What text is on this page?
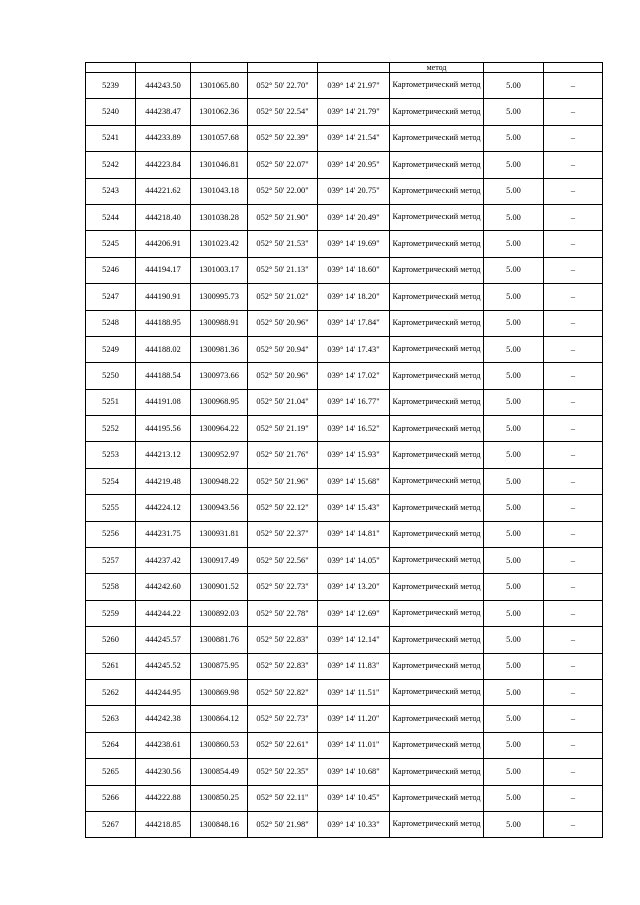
					метод		
5239	444243.50	1301065.80	052° 50' 22.70"	039° 14' 21.97"	Картометрический метод	5.00	–
5240	444238.47	1301062.36	052° 50' 22.54"	039° 14' 21.79"	Картометрический метод	5.00	–
5241	444233.89	1301057.68	052° 50' 22.39"	039° 14' 21.54"	Картометрический метод	5.00	–
5242	444223.84	1301046.81	052° 50' 22.07"	039° 14' 20.95"	Картометрический метод	5.00	–
5243	444221.62	1301043.18	052° 50' 22.00"	039° 14' 20.75"	Картометрический метод	5.00	–
5244	444218.40	1301038.28	052° 50' 21.90"	039° 14' 20.49"	Картометрический метод	5.00	–
5245	444206.91	1301023.42	052° 50' 21.53"	039° 14' 19.69"	Картометрический метод	5.00	–
5246	444194.17	1301003.17	052° 50' 21.13"	039° 14' 18.60"	Картометрический метод	5.00	–
5247	444190.91	1300995.73	052° 50' 21.02"	039° 14' 18.20"	Картометрический метод	5.00	–
5248	444188.95	1300988.91	052° 50' 20.96"	039° 14' 17.84"	Картометрический метод	5.00	–
5249	444188.02	1300981.36	052° 50' 20.94"	039° 14' 17.43"	Картометрический метод	5.00	–
5250	444188.54	1300973.66	052° 50' 20.96"	039° 14' 17.02"	Картометрический метод	5.00	–
5251	444191.08	1300968.95	052° 50' 21.04"	039° 14' 16.77"	Картометрический метод	5.00	–
5252	444195.56	1300964.22	052° 50' 21.19"	039° 14' 16.52"	Картометрический метод	5.00	–
5253	444213.12	1300952.97	052° 50' 21.76"	039° 14' 15.93"	Картометрический метод	5.00	–
5254	444219.48	1300948.22	052° 50' 21.96"	039° 14' 15.68"	Картометрический метод	5.00	–
5255	444224.12	1300943.56	052° 50' 22.12"	039° 14' 15.43"	Картометрический метод	5.00	–
5256	444231.75	1300931.81	052° 50' 22.37"	039° 14' 14.81"	Картометрический метод	5.00	–
5257	444237.42	1300917.49	052° 50' 22.56"	039° 14' 14.05"	Картометрический метод	5.00	–
5258	444242.60	1300901.52	052° 50' 22.73"	039° 14' 13.20"	Картометрический метод	5.00	–
5259	444244.22	1300892.03	052° 50' 22.78"	039° 14' 12.69"	Картометрический метод	5.00	–
5260	444245.57	1300881.76	052° 50' 22.83"	039° 14' 12.14"	Картометрический метод	5.00	–
5261	444245.52	1300875.95	052° 50' 22.83"	039° 14' 11.83"	Картометрический метод	5.00	–
5262	444244.95	1300869.98	052° 50' 22.82"	039° 14' 11.51"	Картометрический метод	5.00	–
5263	444242.38	1300864.12	052° 50' 22.73"	039° 14' 11.20"	Картометрический метод	5.00	–
5264	444238.61	1300860.53	052° 50' 22.61"	039° 14' 11.01"	Картометрический метод	5.00	–
5265	444230.56	1300854.49	052° 50' 22.35"	039° 14' 10.68"	Картометрический метод	5.00	–
5266	444222.88	1300850.25	052° 50' 22.11"	039° 14' 10.45"	Картометрический метод	5.00	–
5267	444218.85	1300848.16	052° 50' 21.98"	039° 14' 10.33"	Картометрический метод	5.00	–
